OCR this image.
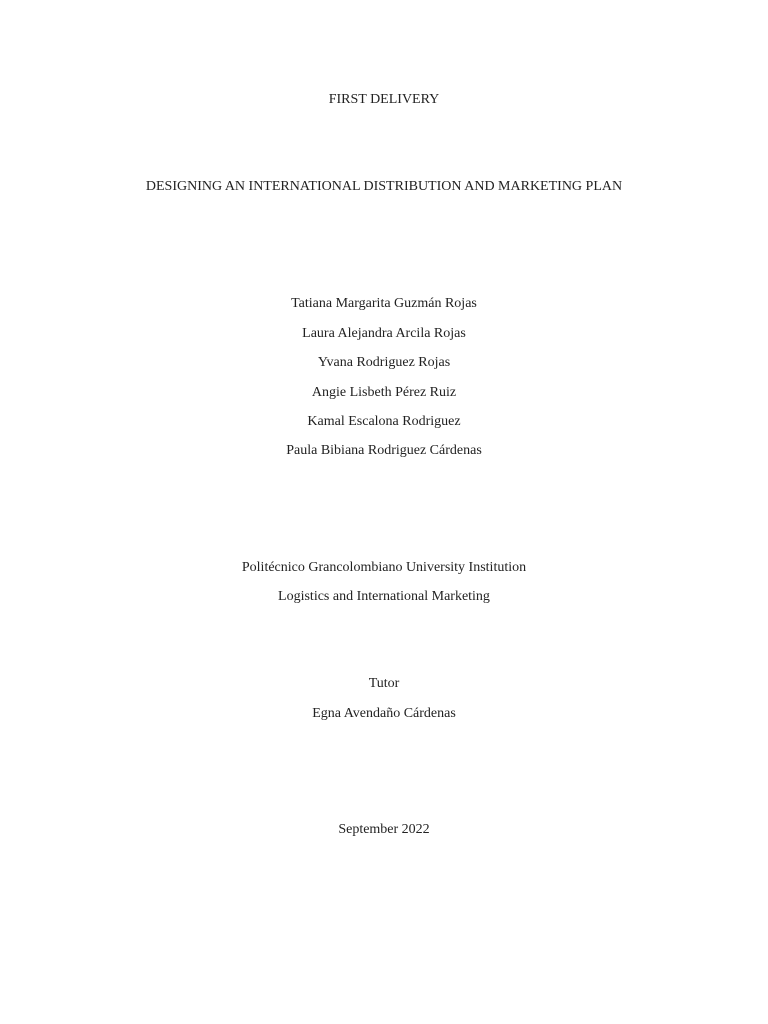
FIRST DELIVERY
DESIGNING AN INTERNATIONAL DISTRIBUTION AND MARKETING PLAN
Tatiana Margarita Guzmán Rojas
Laura Alejandra Arcila Rojas
Yvana Rodriguez Rojas
Angie Lisbeth Pérez Ruiz
Kamal Escalona Rodriguez
Paula Bibiana Rodriguez Cárdenas
Politécnico Grancolombiano University Institution
Logistics and International Marketing
Tutor
Egna Avendaño Cárdenas
September 2022
